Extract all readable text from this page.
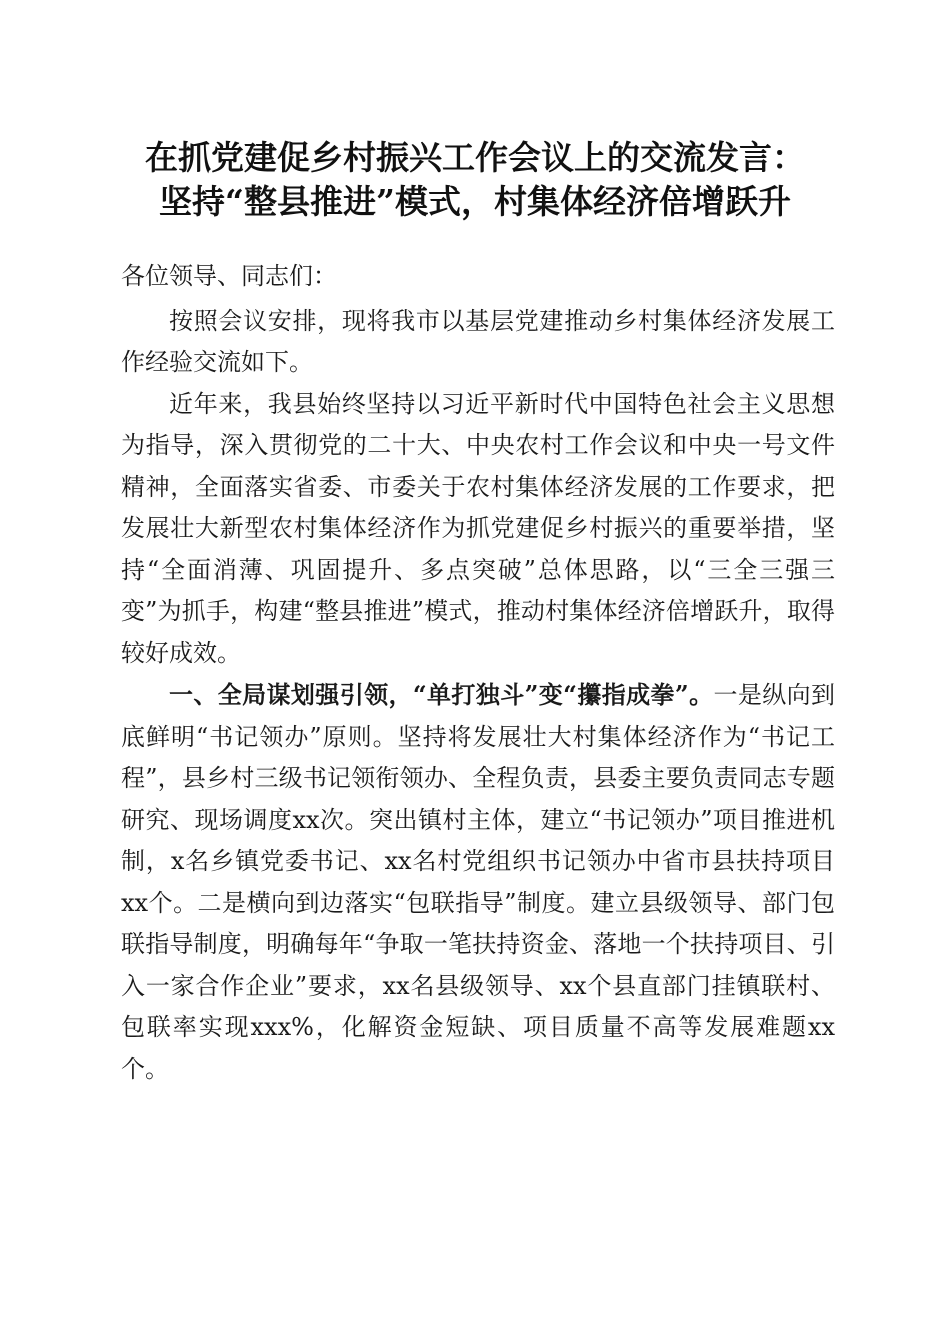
在抓党建促乡村振兴工作会议上的交流发言：
坚持“整县推进”模式，村集体经济倍增跃升

各位领导、同志们：

按照会议安排，现将我市以基层党建推动乡村集体经济发展工作经验交流如下。

近年来，我县始终坚持以习近平新时代中国特色社会主义思想为指导，深入贯彻党的二十大、中央农村工作会议和中央一号文件精神，全面落实省委、市委关于农村集体经济发展的工作要求，把发展壮大新型农村集体经济作为抓党建促乡村振兴的重要举措，坚持“全面消薄、巩固提升、多点突破”总体思路，以“三全三强三变”为抓手，构建“整县推进”模式，推动村集体经济倍增跃升，取得较好成效。

一、全局谋划强引领，“单打独斗”变“攥指成拳”。一是纵向到底鲜明“书记领办”原则。坚持将发展壮大村集体经济作为“书记工程”，县乡村三级书记领衔领办、全程负责，县委主要负责同志专题研究、现场调度xx次。突出镇村主体，建立“书记领办”项目推进机制，x名乡镇党委书记、xx名村党组织书记领办中省市县扶持项目xx个。二是横向到边落实“包联指导”制度。建立县级领导、部门包联指导制度，明确每年“争取一笔扶持资金、落地一个扶持项目、引入一家合作企业”要求，xx名县级领导、xx个县直部门挂镇联村、包联率实现xxx%，化解资金短缺、项目质量不高等发展难题xx个。
